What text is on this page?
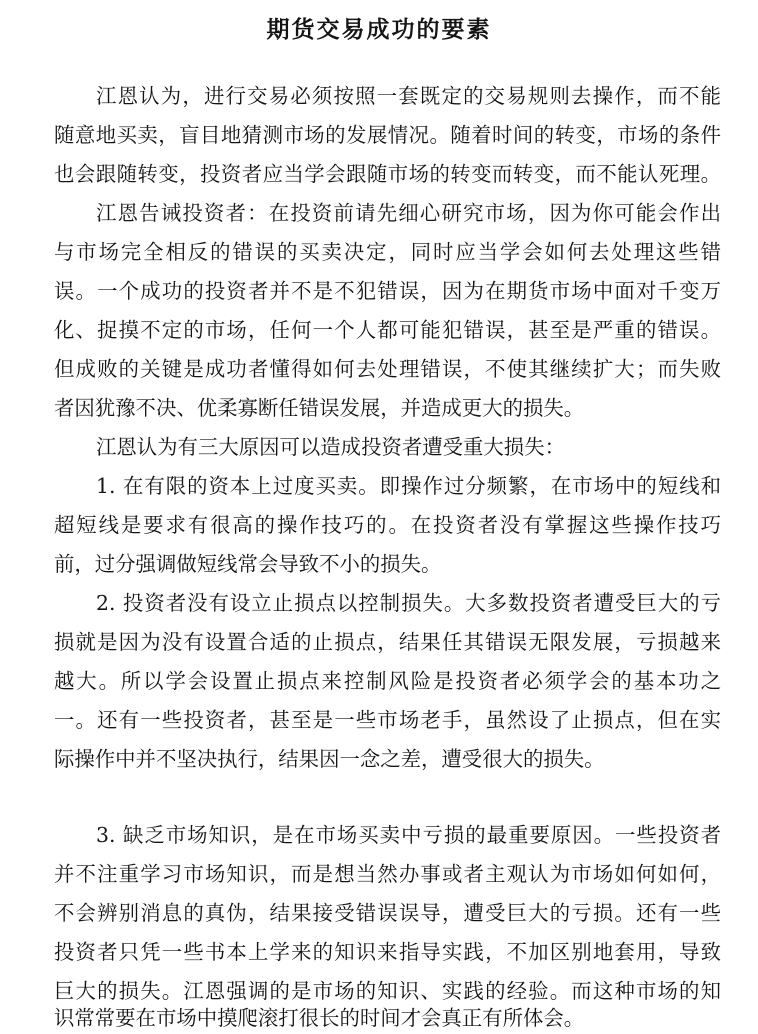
期货交易成功的要素
江恩认为，进行交易必须按照一套既定的交易规则去操作，而不能
随意地买卖，盲目地猜测市场的发展情况。随着时间的转变，市场的条件
也会跟随转变，投资者应当学会跟随市场的转变而转变，而不能认死理。
江恩告诫投资者：在投资前请先细心研究市场，因为你可能会作出
与市场完全相反的错误的买卖决定，同时应当学会如何去处理这些错
误。一个成功的投资者并不是不犯错误，因为在期货市场中面对千变万
化、捉摸不定的市场，任何一个人都可能犯错误，甚至是严重的错误。
但成败的关键是成功者懂得如何去处理错误，不使其继续扩大；而失败
者因犹豫不决、优柔寡断任错误发展，并造成更大的损失。
江恩认为有三大原因可以造成投资者遭受重大损失：
1. 在有限的资本上过度买卖。即操作过分频繁，在市场中的短线和
超短线是要求有很高的操作技巧的。在投资者没有掌握这些操作技巧
前，过分强调做短线常会导致不小的损失。
2. 投资者没有设立止损点以控制损失。大多数投资者遭受巨大的亏
损就是因为没有设置合适的止损点，结果任其错误无限发展，亏损越来
越大。所以学会设置止损点来控制风险是投资者必须学会的基本功之
一。还有一些投资者，甚至是一些市场老手，虽然设了止损点，但在实
际操作中并不坚决执行，结果因一念之差，遭受很大的损失。
3. 缺乏市场知识，是在市场买卖中亏损的最重要原因。一些投资者
并不注重学习市场知识，而是想当然办事或者主观认为市场如何如何，
不会辨别消息的真伪，结果接受错误误导，遭受巨大的亏损。还有一些
投资者只凭一些书本上学来的知识来指导实践，不加区别地套用，导致
巨大的损失。江恩强调的是市场的知识、实践的经验。而这种市场的知
识常常要在市场中摸爬滚打很长的时间才会真正有所体会。
